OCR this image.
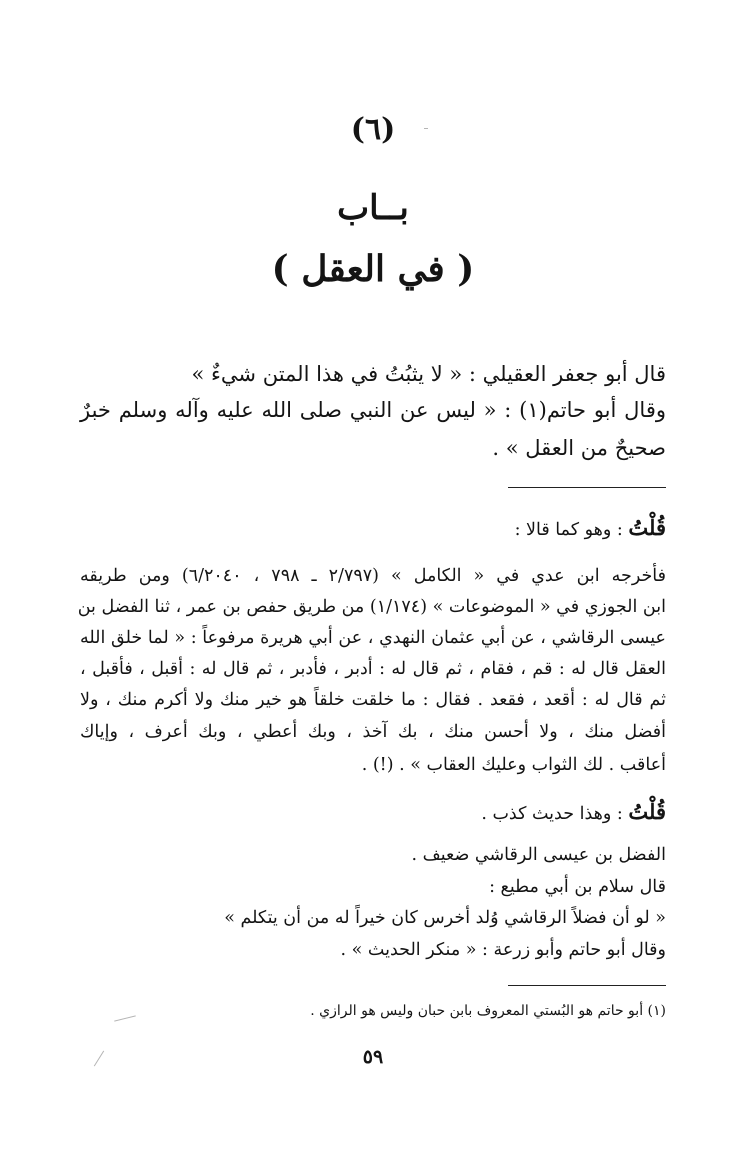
(٦)
بــاب
( في العقل )
قال أبو جعفر العقيلي : « لا يثبُتُ في هذا المتن شيءٌ »
وقال أبو حاتم(١) : « ليس عن النبي صلى الله عليه وآله وسلم خبرٌ
صحيحٌ من العقل » .
قُلْتُ : وهو كما قالا :
فأخرجه ابن عدي في « الكامل » (٢/٧٩٧ ـ ٧٩٨ ، ٦/٢٠٤٠) ومن طريقه
ابن الجوزي في « الموضوعات » (١/١٧٤) من طريق حفص بن عمر ، ثنا الفضل بن
عيسى الرقاشي ، عن أبي عثمان النهدي ، عن أبي هريرة مرفوعاً : « لما خلق الله
العقل قال له : قم ، فقام ، ثم قال له : أدبر ، فأدبر ، ثم قال له : أقبل ، فأقبل ،
ثم قال له : أقعد ، فقعد . فقال : ما خلقت خلقاً هو خير منك ولا أكرم منك ، ولا
أفضل منك ، ولا أحسن منك ، بك آخذ ، وبك أعطي ، وبك أعرف ، وإياك
أعاقب . لك الثواب وعليك العقاب » . (!) .
قُلْتُ : وهذا حديث كذب .
الفضل بن عيسى الرقاشي ضعيف .
قال سلام بن أبي مطيع :
« لو أن فضلاً الرقاشي وُلد أخرس كان خيراً له من أن يتكلم »
وقال أبو حاتم وأبو زرعة : « منكر الحديث » .
(١) أبو حاتم هو البُستي المعروف بابن حبان وليس هو الرازي .
٥٩
